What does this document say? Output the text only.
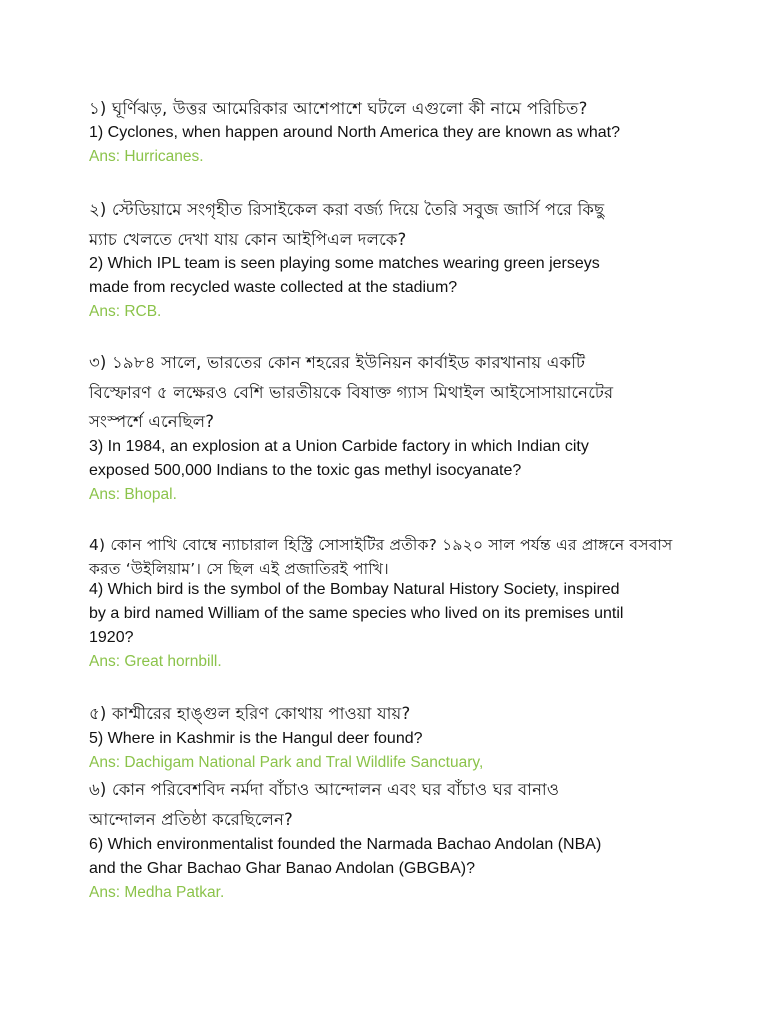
১) ঘূর্ণিঝড়, উত্তর আমেরিকার আশেপাশে ঘটলে এগুলো কী নামে পরিচিত?
1) Cyclones, when happen around North America they are known as what?
Ans: Hurricanes.
২) স্টেডিয়ামে সংগৃহীত রিসাইকেল করা বর্জ্য দিয়ে তৈরি সবুজ জার্সি পরে কিছু
ম্যাচ খেলতে দেখা যায় কোন আইপিএল দলকে?
2) Which IPL team is seen playing some matches wearing green jerseys
made from recycled waste collected at the stadium?
Ans: RCB.
৩) ১৯৮৪ সালে, ভারতের কোন শহরের ইউনিয়ন কার্বাইড কারখানায় একটি
বিস্ফোরণ ৫ লক্ষেরও বেশি ভারতীয়কে বিষাক্ত গ্যাস মিথাইল আইসোসায়ানেটের
সংস্পর্শে এনেছিল?
3) In 1984, an explosion at a Union Carbide factory in which Indian city
exposed 500,000 Indians to the toxic gas methyl isocyanate?
Ans: Bhopal.
4) কোন পাখি বোম্বে ন্যাচারাল হিস্ট্রি সোসাইটির প্রতীক? ১৯২০ সাল পর্যন্ত এর প্রাঙ্গনে বসবাস
করত ‘উইলিয়াম’। সে ছিল এই প্রজাতিরই পাখি।
4) Which bird is the symbol of the Bombay Natural History Society, inspired
by a bird named William of the same species who lived on its premises until
1920?
Ans: Great hornbill.
৫) কাশ্মীরের হাঙ্গুল হরিণ কোথায় পাওয়া যায়?
5) Where in Kashmir is the Hangul deer found?
Ans: Dachigam National Park and Tral Wildlife Sanctuary,
৬) কোন পরিবেশবিদ নর্মদা বাঁচাও আন্দোলন এবং ঘর বাঁচাও ঘর বানাও
আন্দোলন প্রতিষ্ঠা করেছিলেন?
6) Which environmentalist founded the Narmada Bachao Andolan (NBA)
and the Ghar Bachao Ghar Banao Andolan (GBGBA)?
Ans: Medha Patkar.
